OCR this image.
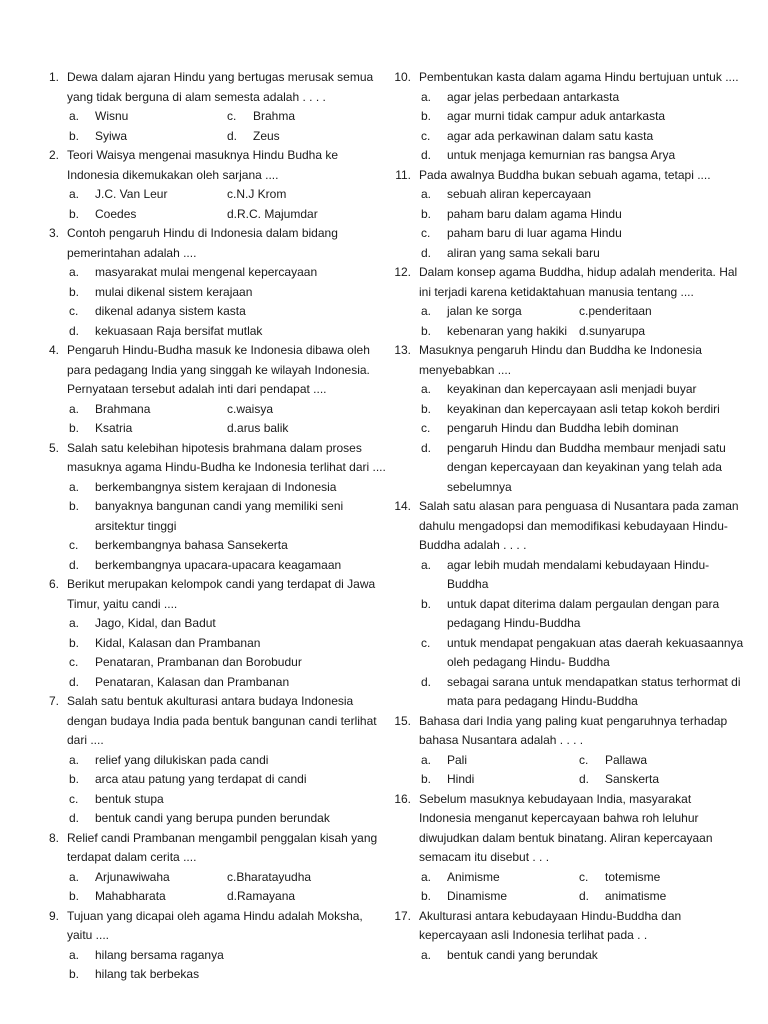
1. Dewa dalam ajaran Hindu yang bertugas merusak semua yang tidak berguna di alam semesta adalah . . . .
a.	Wisnu	c.	Brahma
b.	Syiwa	d.	Zeus
2. Teori Waisya mengenai masuknya Hindu Budha ke Indonesia dikemukakan oleh sarjana ....
a.	J.C. Van Leur	c. N.J Krom
b.	Coedes	d. R.C. Majumdar
3. Contoh pengaruh Hindu di Indonesia dalam bidang pemerintahan adalah ....
a.	masyarakat mulai mengenal kepercayaan
b.	mulai dikenal sistem kerajaan
c.	dikenal adanya sistem kasta
d.	kekuasaan Raja bersifat mutlak
4. Pengaruh Hindu-Budha masuk ke Indonesia dibawa oleh para pedagang India yang singgah ke wilayah Indonesia. Pernyataan tersebut adalah inti dari pendapat ....
a.	Brahmana	c. waisya
b.	Ksatria	d. arus balik
5. Salah satu kelebihan hipotesis brahmana dalam proses masuknya agama Hindu-Budha ke Indonesia terlihat dari ....
a.	berkembangnya sistem kerajaan di Indonesia
b.	banyaknya bangunan candi yang memiliki seni arsitektur tinggi
c.	berkembangnya bahasa Sansekerta
d.	berkembangnya upacara-upacara keagamaan
6. Berikut merupakan kelompok candi yang terdapat di Jawa Timur, yaitu candi ....
a.	Jago, Kidal, dan Badut
b.	Kidal, Kalasan dan Prambanan
c.	Penataran, Prambanan dan Borobudur
d.	Penataran, Kalasan dan Prambanan
7. Salah satu bentuk akulturasi antara budaya Indonesia dengan budaya India pada bentuk bangunan candi terlihat dari ....
a.	relief yang dilukiskan pada candi
b.	arca atau patung yang terdapat di candi
c.	bentuk stupa
d.	bentuk candi yang berupa punden berundak
8. Relief candi Prambanan mengambil penggalan kisah yang terdapat dalam cerita ....
a.	Arjunawiwaha	c. Bharatayudha
b.	Mahabharata	d. Ramayana
9. Tujuan yang dicapai oleh agama Hindu adalah Moksha, yaitu ....
a.	hilang bersama raganya
b.	hilang tak berbekas
10. Pembentukan kasta dalam agama Hindu bertujuan untuk ....
a.	agar jelas perbedaan antarkasta
b.	agar murni tidak campur aduk antarkasta
c.	agar ada perkawinan dalam satu kasta
d.	untuk menjaga kemurnian ras bangsa Arya
11. Pada awalnya Buddha bukan sebuah agama, tetapi ....
a.	sebuah aliran kepercayaan
b.	paham baru dalam agama Hindu
c.	paham baru di luar agama Hindu
d.	aliran yang sama sekali baru
12. Dalam konsep agama Buddha, hidup adalah menderita. Hal ini terjadi karena ketidaktahuan manusia tentang ....
a.	jalan ke sorga	c. penderitaan
b.	kebenaran yang hakiki d. sunyarupa
13. Masuknya pengaruh Hindu dan Buddha ke Indonesia menyebabkan ....
a.	keyakinan dan kepercayaan asli menjadi buyar
b.	keyakinan dan kepercayaan asli tetap kokoh berdiri
c.	pengaruh Hindu dan Buddha lebih dominan
d.	pengaruh Hindu dan Buddha membaur menjadi satu dengan kepercayaan dan keyakinan yang telah ada sebelumnya
14. Salah satu alasan para penguasa di Nusantara pada zaman dahulu mengadopsi dan memodifikasi kebudayaan Hindu-Buddha adalah . . . .
a.	agar lebih mudah mendalami kebudayaan Hindu-Buddha
b.	untuk dapat diterima dalam pergaulan dengan para pedagang Hindu-Buddha
c.	untuk mendapat pengakuan atas daerah kekuasaannya oleh pedagang Hindu- Buddha
d.	sebagai sarana untuk mendapatkan status terhormat di mata para pedagang Hindu-Buddha
15. Bahasa dari India yang paling kuat pengaruhnya terhadap bahasa Nusantara adalah . . . .
a.	Pali	c.	Pallawa
b.	Hindi	d.	Sanskerta
16. Sebelum masuknya kebudayaan India, masyarakat Indonesia menganut kepercayaan bahwa roh leluhur diwujudkan dalam bentuk binatang. Aliran kepercayaan semacam itu disebut . . .
a.	Animisme	c.	totemisme
b.	Dinamisme	d.	animatisme
17. Akulturasi antara kebudayaan Hindu-Buddha dan kepercayaan asli Indonesia terlihat pada . .
a.	bentuk candi yang berundak
